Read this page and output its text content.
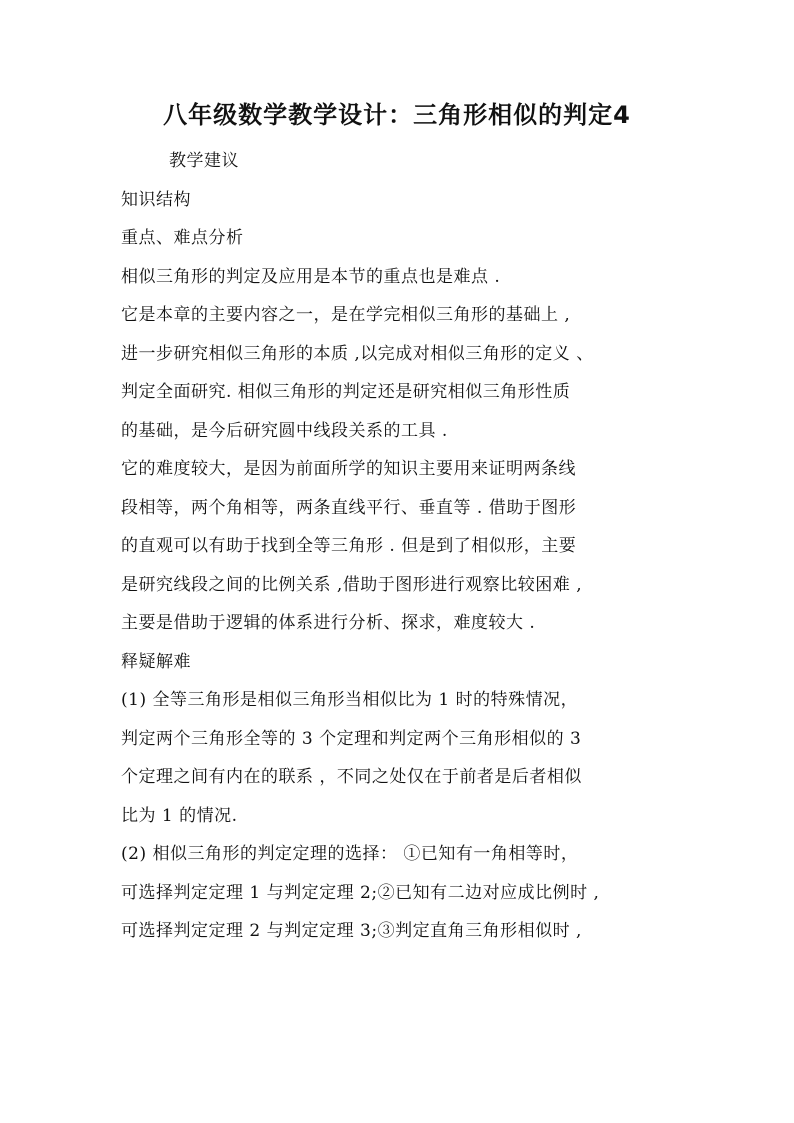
八年级数学教学设计：三角形相似的判定4
教学建议
知识结构
重点、难点分析
相似三角形的判定及应用是本节的重点也是难点 .
它是本章的主要内容之一，是在学完相似三角形的基础上 ,
进一步研究相似三角形的本质 ,以完成对相似三角形的定义 、
判定全面研究. 相似三角形的判定还是研究相似三角形性质
的基础，是今后研究圆中线段关系的工具 .
它的难度较大，是因为前面所学的知识主要用来证明两条线
段相等，两个角相等，两条直线平行、垂直等 . 借助于图形
的直观可以有助于找到全等三角形 . 但是到了相似形，主要
是研究线段之间的比例关系 ,借助于图形进行观察比较困难 ,
主要是借助于逻辑的体系进行分析、探求，难度较大 .
释疑解难
(1) 全等三角形是相似三角形当相似比为 1 时的特殊情况，
判定两个三角形全等的 3 个定理和判定两个三角形相似的 3
个定理之间有内在的联系 ，不同之处仅在于前者是后者相似
比为 1 的情况.
(2) 相似三角形的判定定理的选择： ①已知有一角相等时，
可选择判定定理 1 与判定定理 2;②已知有二边对应成比例时 ,
可选择判定定理 2 与判定定理 3;③判定直角三角形相似时 ,
